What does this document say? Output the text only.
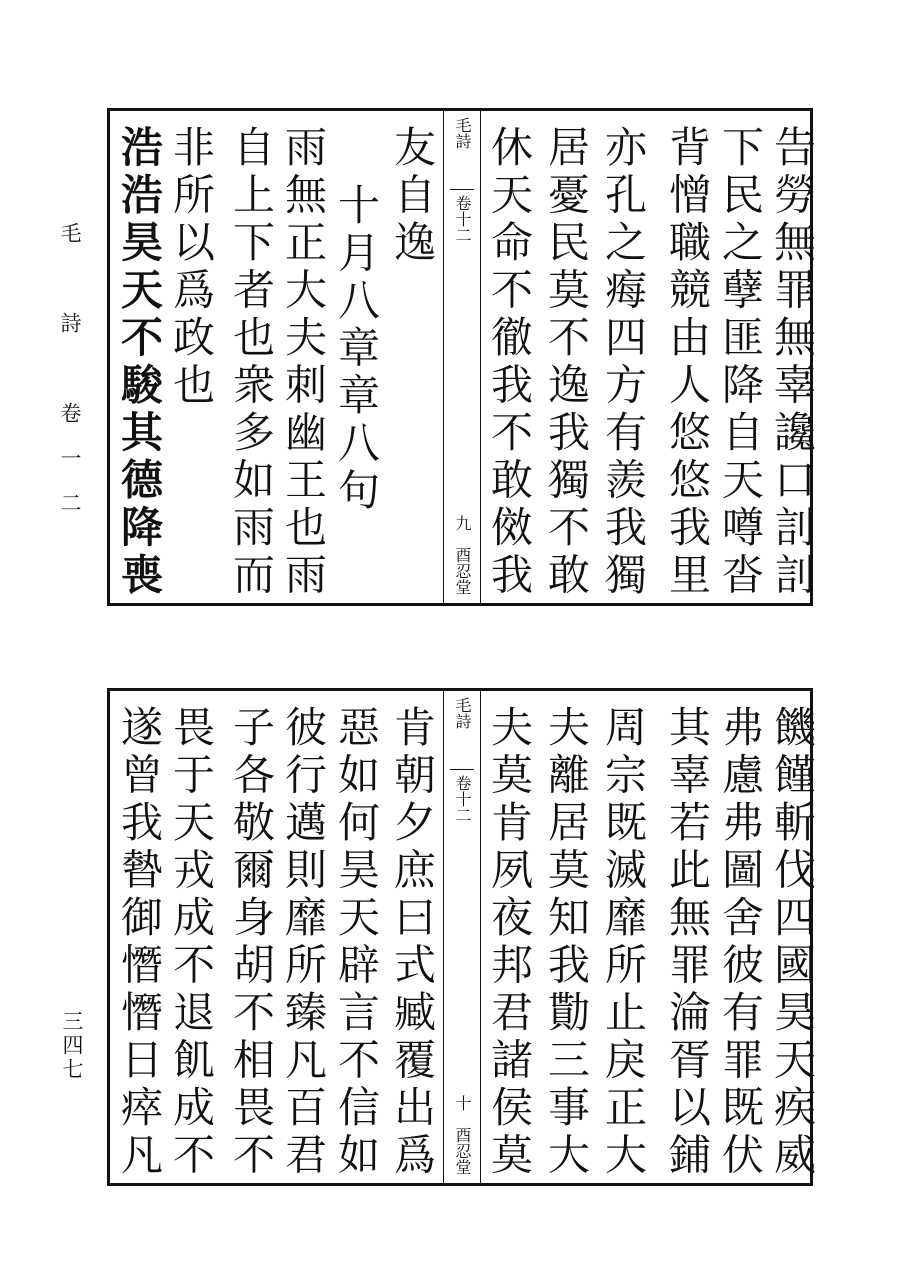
毛　詩　卷一二
三四七
告勞無罪無辜讒口䚯䚯
下民之孽匪降自天噂沓
背憎職競由人悠悠我里
亦孔之痗四方有羨我獨
居憂民莫不逸我獨不敢
休天命不徹我不敢傚我
毛詩
卷十二
九　酉忍堂
友自逸
十月八章章八句
雨無正大夫刺幽王也雨
自上下者也衆多如雨而
非所以爲政也
浩浩昊天不駿其德降喪
饑饉斬伐四國昊天疾威
弗慮弗圖舍彼有罪既伏
其辜若此無罪淪胥以鋪
周宗既滅靡所止戾正大
夫離居莫知我勩三事大
夫莫肯夙夜邦君諸侯莫
毛詩
卷十二
十　酉忍堂
肯朝夕庶曰式臧覆出爲
惡如何昊天辟言不信如
彼行邁則靡所臻凡百君
子各敬爾身胡不相畏不
畏于天戎成不退飢成不
遂曾我暬御憯憯日瘁凡
